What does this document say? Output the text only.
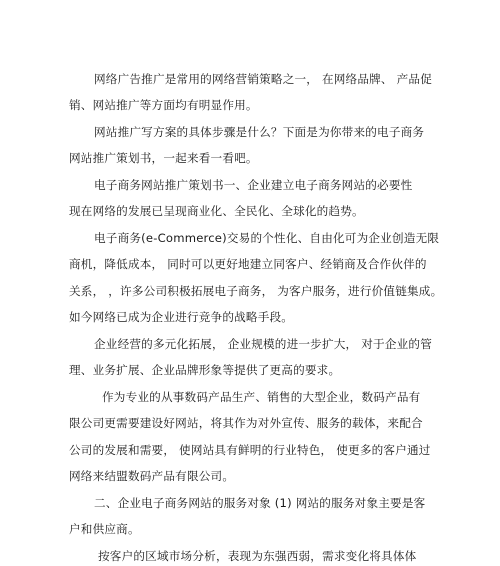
网络广告推广是常用的网络营销策略之一， 在网络品牌、 产品促
销、网站推广等方面均有明显作用。
网站推广写方案的具体步骤是什么？下面是为你带来的电子商务
网站推广策划书，一起来看一看吧。
电子商务网站推广策划书一、企业建立电子商务网站的必要性
现在网络的发展已呈现商业化、全民化、全球化的趋势。
电子商务(e-Commerce)交易的个性化、自由化可为企业创造无限
商机，降低成本， 同时可以更好地建立同客户、经销商及合作伙伴的
关系， ，许多公司积极拓展电子商务， 为客户服务，进行价值链集成。
如今网络已成为企业进行竞争的战略手段。
企业经营的多元化拓展， 企业规模的进一步扩大， 对于企业的管
理、业务扩展、企业品牌形象等提供了更高的要求。
作为专业的从事数码产品生产、销售的大型企业，数码产品有
限公司更需要建设好网站，将其作为对外宣传、服务的载体，来配合
公司的发展和需要， 使网站具有鲜明的行业特色， 使更多的客户通过
网络来结盟数码产品有限公司。
二、企业电子商务网站的服务对象 (1) 网站的服务对象主要是客
户和供应商。
按客户的区域市场分析，表现为东强西弱，需求变化将具体体
